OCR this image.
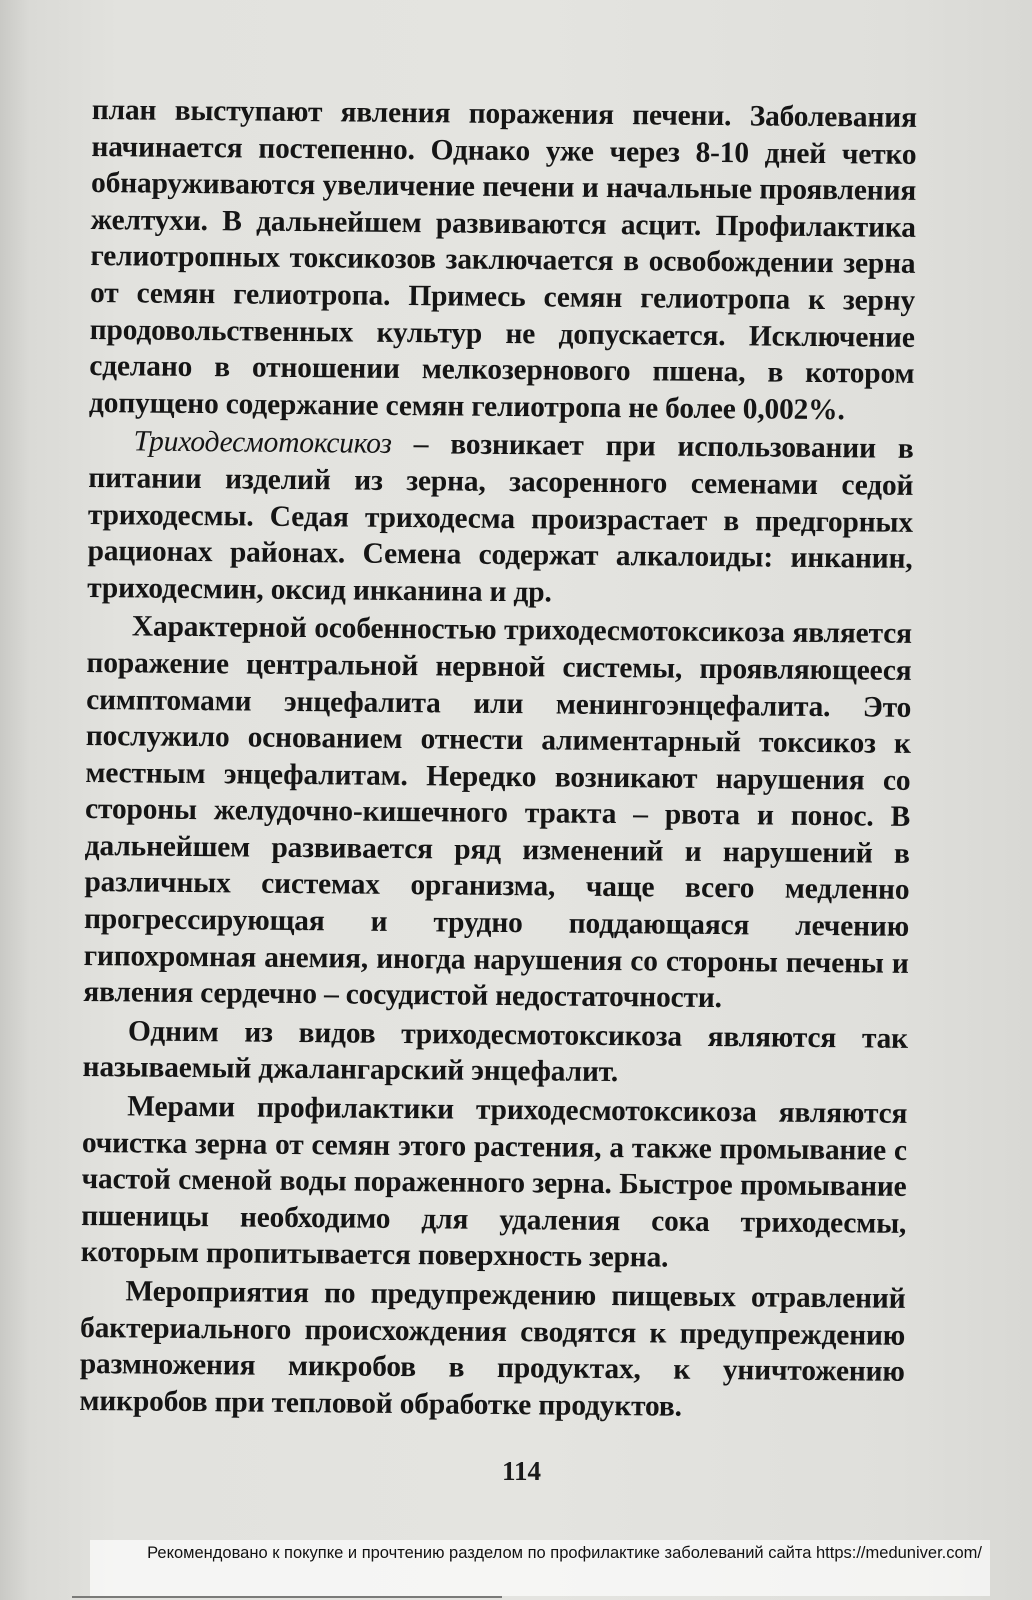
план выступают явления поражения печени. Заболевания начинается постепенно. Однако уже через 8-10 дней четко обнаруживаются увеличение печени и начальные проявления желтухи. В дальнейшем развиваются асцит. Профилактика гелиотропных токсикозов заключается в освобождении зерна от семян гелиотропа. Примесь семян гелиотропа к зерну продовольственных культур не допускается. Исключение сделано в отношении мелкозернового пшена, в котором допущено содержание семян гелиотропа не более 0,002%.

Триходесмотоксикоз – возникает при использовании в питании изделий из зерна, засоренного семенами седой триходесмы. Седая триходесма произрастает в предгорных рационах районах. Семена содержат алкалоиды: инканин, триходесмин, оксид инканина и др.

Характерной особенностью триходесмотоксикоза является поражение центральной нервной системы, проявляющееся симптомами энцефалита или менингоэнцефалита. Это послужило основанием отнести алиментарный токсикоз к местным энцефалитам. Нередко возникают нарушения со стороны желудочно-кишечного тракта – рвота и понос. В дальнейшем развивается ряд изменений и нарушений в различных системах организма, чаще всего медленно прогрессирующая и трудно поддающаяся лечению гипохромная анемия, иногда нарушения со стороны печены и явления сердечно – сосудистой недостаточности.

Одним из видов триходесмотоксикоза являются так называемый джалангарский энцефалит.

Мерами профилактики триходесмотоксикоза являются очистка зерна от семян этого растения, а также промывание с частой сменой воды пораженного зерна. Быстрое промывание пшеницы необходимо для удаления сока триходесмы, которым пропитывается поверхность зерна.

Мероприятия по предупреждению пищевых отравлений бактериального происхождения сводятся к предупреждению размножения микробов в продуктах, к уничтожению микробов при тепловой обработке продуктов.

114
Рекомендовано к покупке и прочтению разделом по профилактике заболеваний сайта https://meduniver.com/
